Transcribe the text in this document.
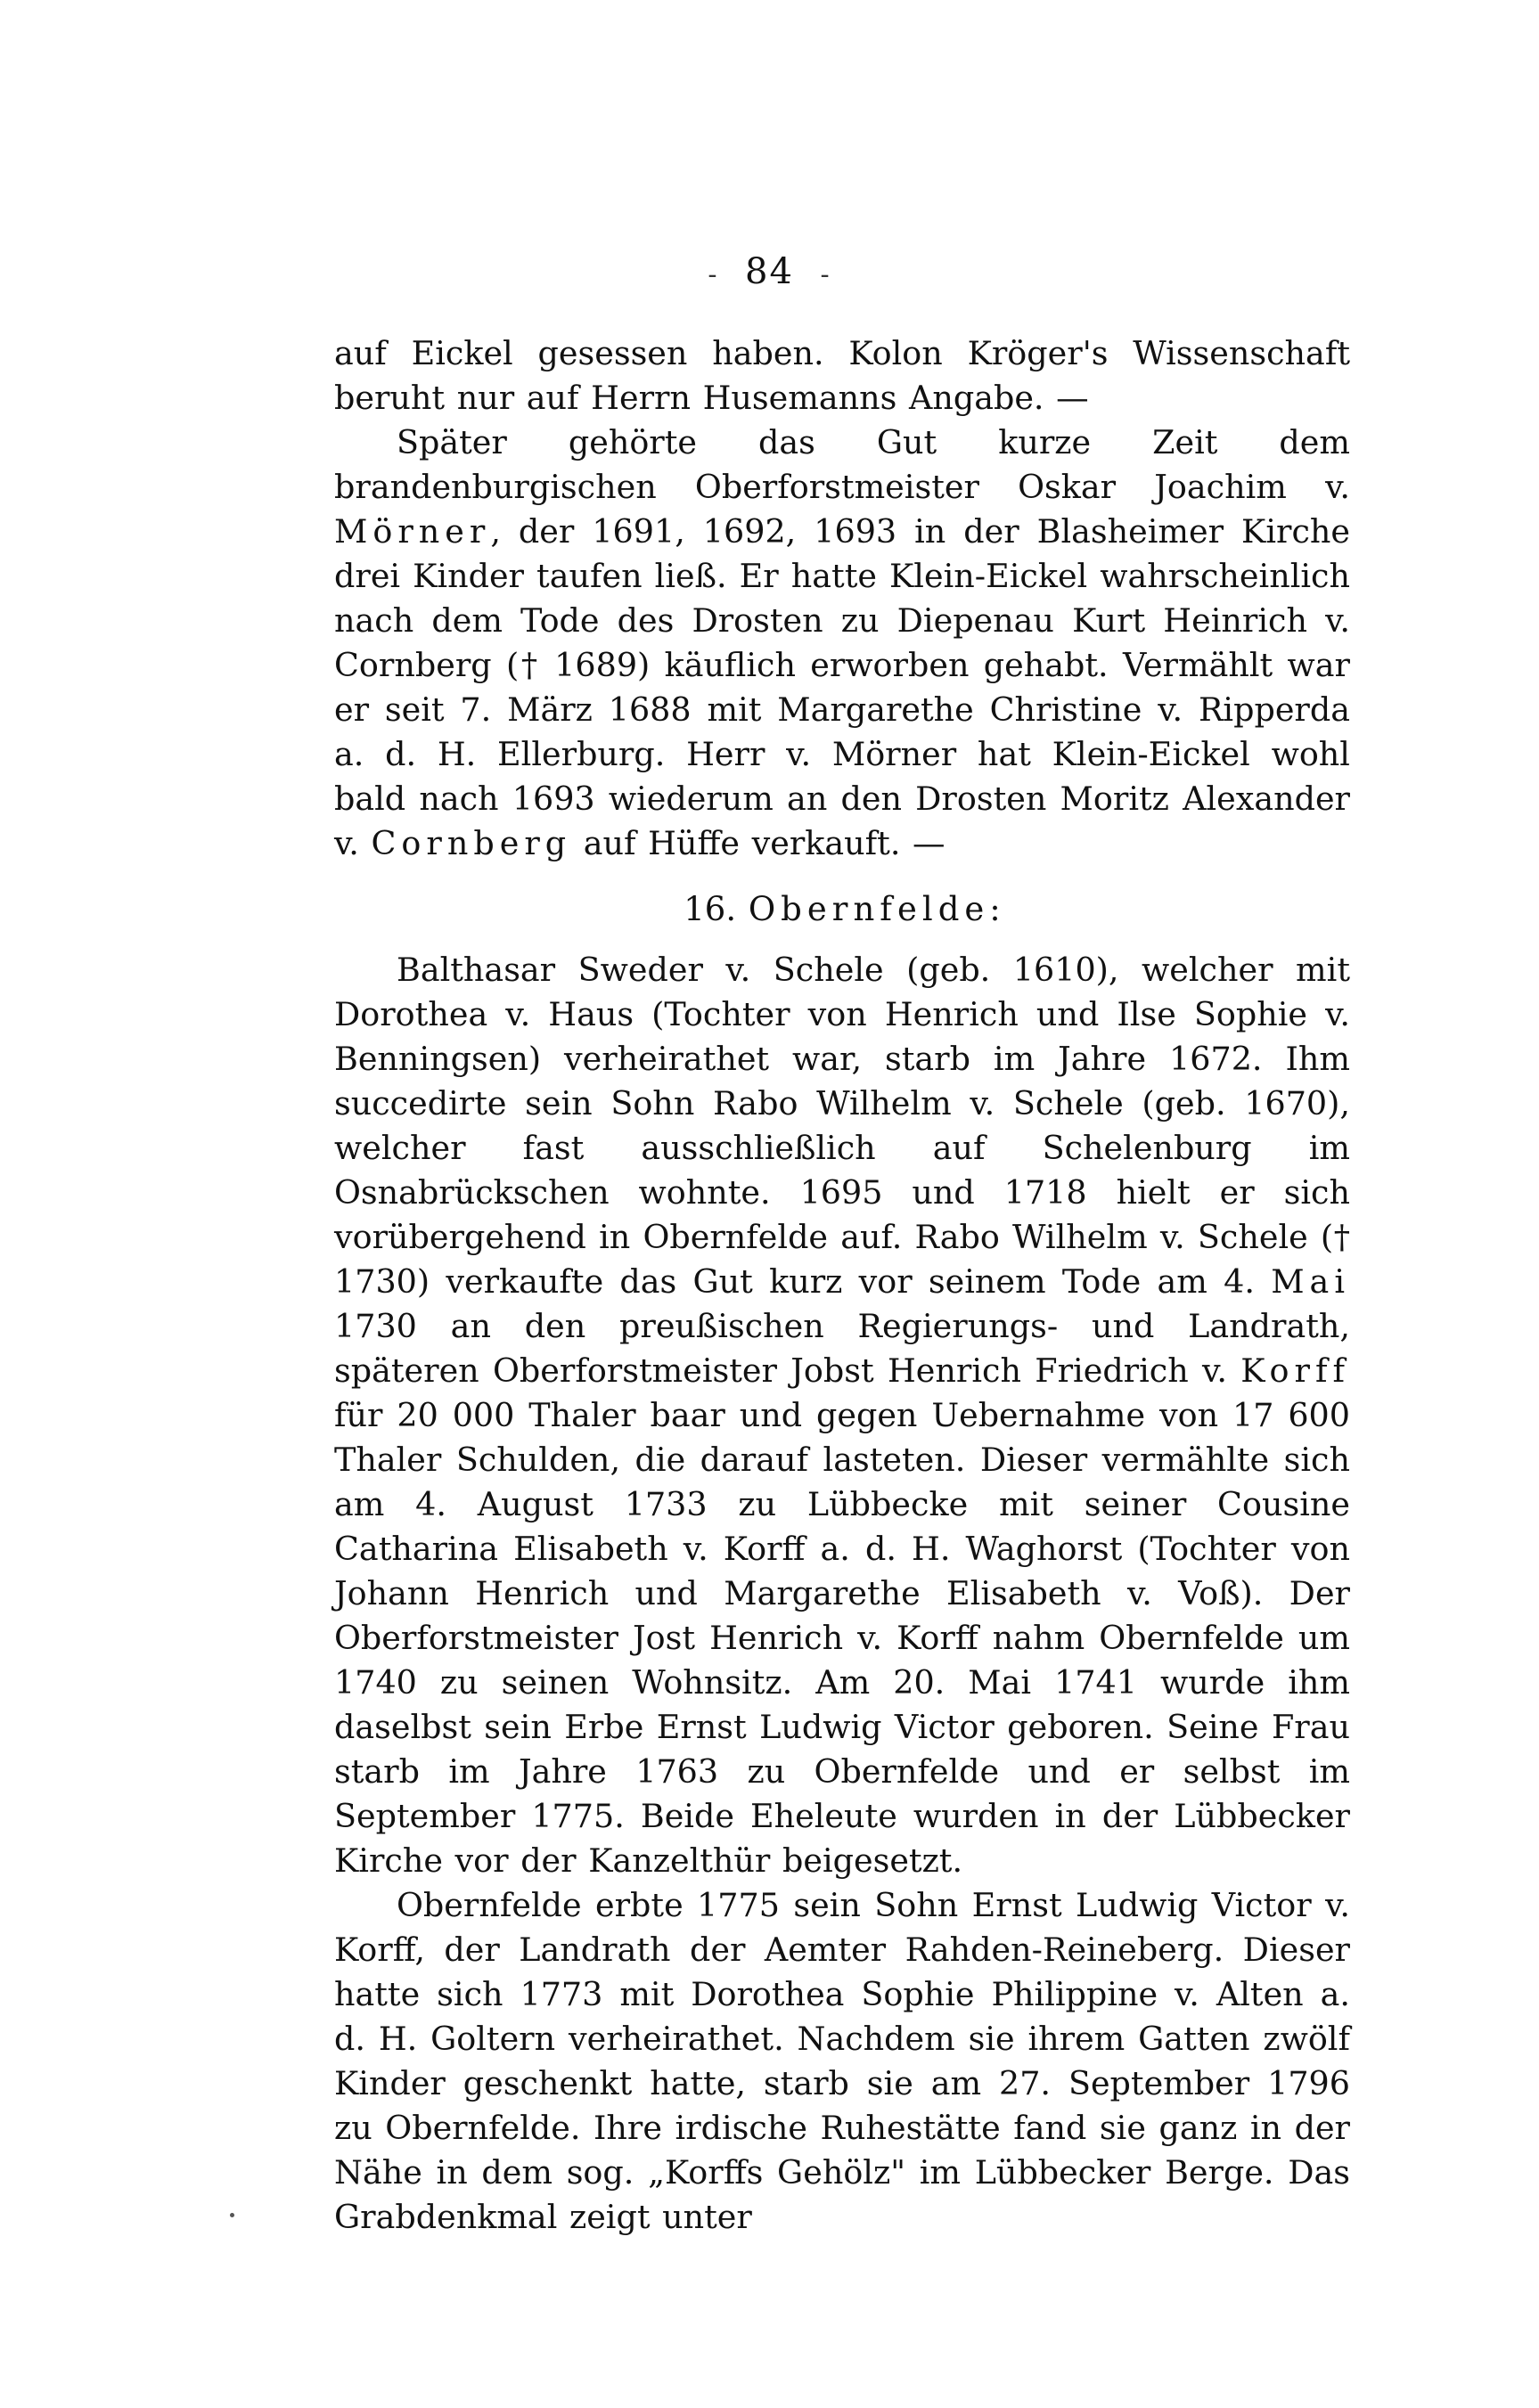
- 84 -

auf Eickel gesessen haben. Kolon Kröger's Wissenschaft beruht nur auf Herrn Husemanns Angabe. —

Später gehörte das Gut kurze Zeit dem brandenburgischen Oberforstmeister Oskar Joachim v. Mörner, der 1691, 1692, 1693 in der Blasheimer Kirche drei Kinder taufen ließ. Er hatte Klein-Eickel wahrscheinlich nach dem Tode des Drosten zu Diepenau Kurt Heinrich v. Cornberg († 1689) käuflich erworben gehabt. Vermählt war er seit 7. März 1688 mit Margarethe Christine v. Ripperda a. d. H. Ellerburg. Herr v. Mörner hat Klein-Eickel wohl bald nach 1693 wiederum an den Drosten Moritz Alexander v. Cornberg auf Hüffe verkauft. —

16. Obernfelde:

Balthasar Sweder v. Schele (geb. 1610), welcher mit Dorothea v. Haus (Tochter von Henrich und Ilse Sophie v. Benningsen) verheirathet war, starb im Jahre 1672. Ihm succedirte sein Sohn Rabo Wilhelm v. Schele (geb. 1670), welcher fast ausschließlich auf Schelenburg im Osnabrückschen wohnte. 1695 und 1718 hielt er sich vorübergehend in Obernfelde auf. Rabo Wilhelm v. Schele († 1730) verkaufte das Gut kurz vor seinem Tode am 4. Mai 1730 an den preußischen Regierungs- und Landrath, späteren Oberforstmeister Jobst Henrich Friedrich v. Korff für 20 000 Thaler baar und gegen Uebernahme von 17 600 Thaler Schulden, die darauf lasteten. Dieser vermählte sich am 4. August 1733 zu Lübbecke mit seiner Cousine Catharina Elisabeth v. Korff a. d. H. Waghorst (Tochter von Johann Henrich und Margarethe Elisabeth v. Voß). Der Oberforstmeister Jost Henrich v. Korff nahm Obernfelde um 1740 zu seinen Wohnsitz. Am 20. Mai 1741 wurde ihm daselbst sein Erbe Ernst Ludwig Victor geboren. Seine Frau starb im Jahre 1763 zu Obernfelde und er selbst im September 1775. Beide Eheleute wurden in der Lübbecker Kirche vor der Kanzelthür beigesetzt.

Obernfelde erbte 1775 sein Sohn Ernst Ludwig Victor v. Korff, der Landrath der Aemter Rahden-Reineberg. Dieser hatte sich 1773 mit Dorothea Sophie Philippine v. Alten a. d. H. Goltern verheirathet. Nachdem sie ihrem Gatten zwölf Kinder geschenkt hatte, starb sie am 27. September 1796 zu Obernfelde. Ihre irdische Ruhestätte fand sie ganz in der Nähe in dem sog. „Korffs Gehölz" im Lübbecker Berge. Das Grabdenkmal zeigt unter
